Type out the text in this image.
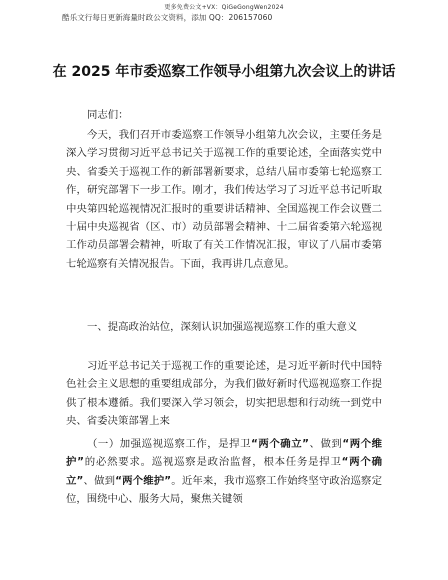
更多免费公文+VX：QiGeGongWen2024
酷乐文行每日更新海量时政公文资料，添加 QQ：206157060
在 2025 年市委巡察工作领导小组第九次会议上的讲话
同志们：
今天，我们召开市委巡察工作领导小组第九次会议，主要任务是深入学习贯彻习近平总书记关于巡视工作的重要论述，全面落实党中央、省委关于巡视工作的新部署新要求，总结八届市委第七轮巡察工作，研究部署下一步工作。刚才，我们传达学习了习近平总书记听取中央第四轮巡视情况汇报时的重要讲话精神、全国巡视工作会议暨二十届中央巡视省（区、市）动员部署会精神、十二届省委第六轮巡视工作动员部署会精神，听取了有关工作情况汇报，审议了八届市委第七轮巡察有关情况报告。下面，我再讲几点意见。
一、提高政治站位，深刻认识加强巡视巡察工作的重大意义
习近平总书记关于巡视工作的重要论述，是习近平新时代中国特色社会主义思想的重要组成部分，为我们做好新时代巡视巡察工作提供了根本遵循。我们要深入学习领会，切实把思想和行动统一到党中央、省委决策部署上来
（一）加强巡视巡察工作，是捍卫“两个确立”、做到“两个维护”的必然要求。巡视巡察是政治监督，根本任务是捍卫“两个确立”、做到“两个维护”。近年来，我市巡察工作始终坚守政治巡察定位，围绕中心、服务大局，聚焦关键领
